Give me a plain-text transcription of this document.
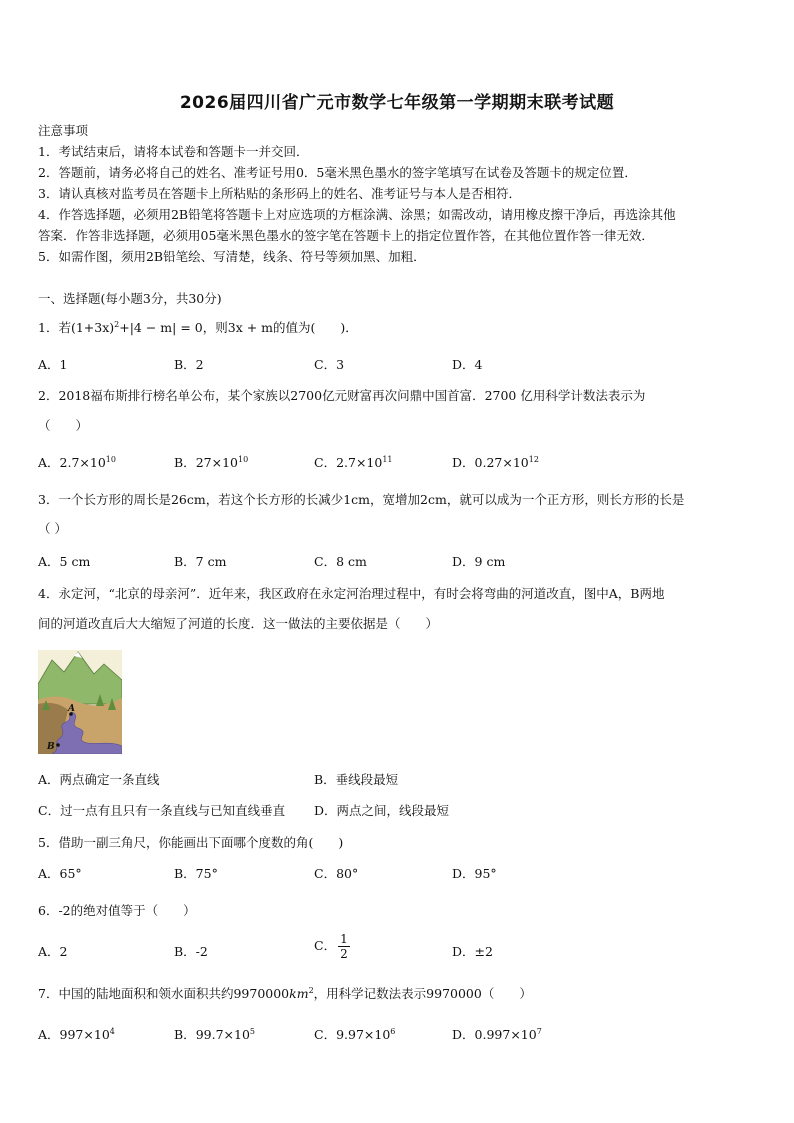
2026届四川省广元市数学七年级第一学期期末联考试题
注意事项
1．考试结束后，请将本试卷和答题卡一并交回．
2．答题前，请务必将自己的姓名、准考证号用0．5毫米黑色墨水的签字笔填写在试卷及答题卡的规定位置．
3．请认真核对监考员在答题卡上所粘贴的条形码上的姓名、准考证号与本人是否相符．
4．作答选择题，必须用2B铅笔将答题卡上对应选项的方框涂满、涂黑；如需改动，请用橡皮擦干净后，再选涂其他
答案．作答非选择题，必须用05毫米黑色墨水的签字笔在答题卡上的指定位置作答，在其他位置作答一律无效．
5．如需作图，须用2B铅笔绘、写清楚，线条、符号等须加黑、加粗．
一、选择题(每小题3分，共30分)
1．若$(1+3x)^2+|4 - m| = 0$，则3x + m的值为(　　)．
A．1	B．2	C．3	D．4
2．2018福布斯排行榜名单公布，某个家族以2700亿元财富再次问鼎中国首富．2700 亿用科学计数法表示为
（　　）
A．$2.7\times 10^{10}$	B．$27\times 10^{10}$	C．$2.7\times 10^{11}$	D．$0.27\times 10^{12}$
3．一个长方形的周长是26cm，若这个长方形的长减少1cm，宽增加2cm，就可以成为一个正方形，则长方形的长是
（ ）
A．5 cm	B．7 cm	C．8 cm	D．9 cm
4．永定河，“北京的母亲河”．近年来，我区政府在永定河治理过程中，有时会将弯曲的河道改直，图中A，B两地
间的河道改直后大大缩短了河道的长度．这一做法的主要依据是（　　）
A
B
A．两点确定一条直线	B．垂线段最短
C．过一点有且只有一条直线与已知直线垂直 D．两点之间，线段最短
5．借助一副三角尺，你能画出下面哪个度数的角(　　)
A．65°	B．75°	C．80°	D．95°
6．-2的绝对值等于（　　）
A．2	B．-2	C． $\frac{1}{2}$	D．±2
7．中国的陆地面积和领水面积共约$9970000km^2$，用科学记数法表示9970000（　　）
A．$997\times 10^4$	B．$99.7\times 10^5$	C．$9.97\times 10^6$	D．$0.997\times 10^7$
